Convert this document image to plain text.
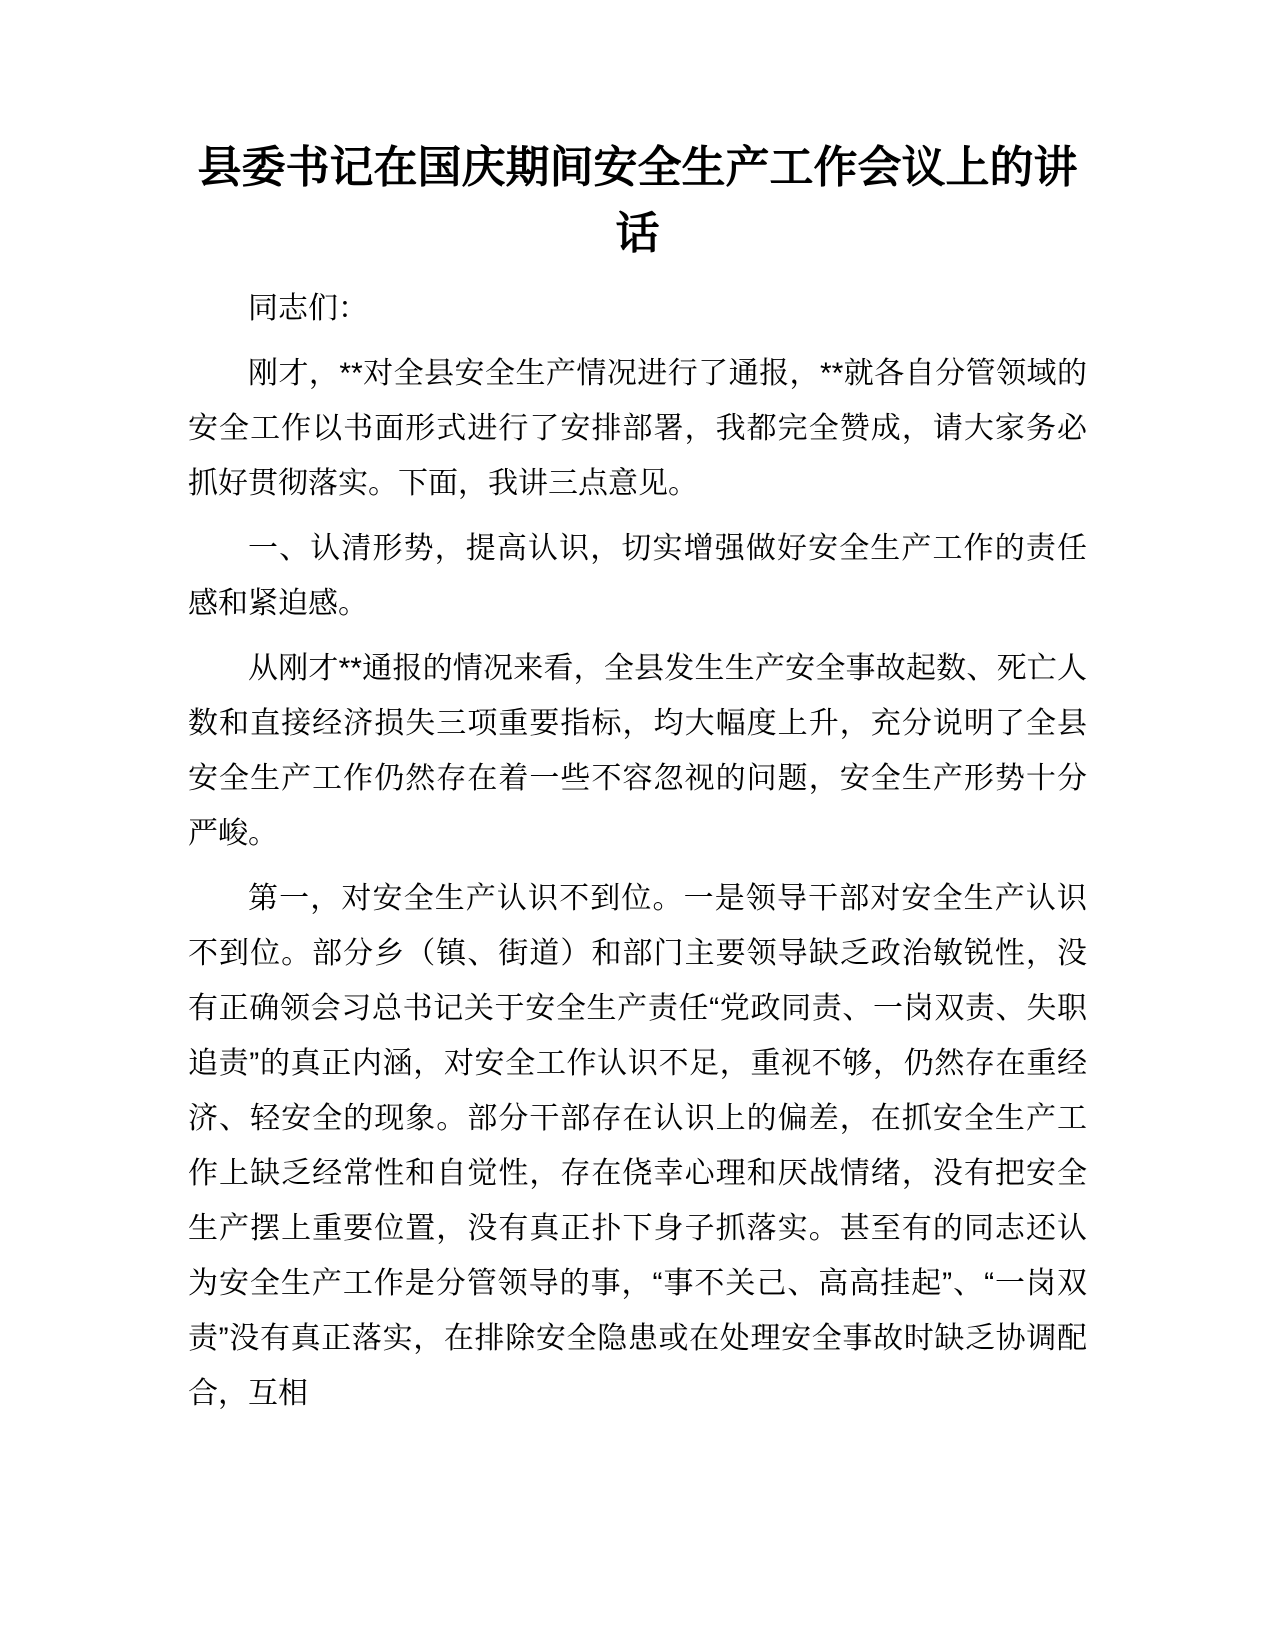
县委书记在国庆期间安全生产工作会议上的讲话

同志们：

刚才，**对全县安全生产情况进行了通报，**就各自分管领域的安全工作以书面形式进行了安排部署，我都完全赞成，请大家务必抓好贯彻落实。下面，我讲三点意见。

一、认清形势，提高认识，切实增强做好安全生产工作的责任感和紧迫感。

从刚才**通报的情况来看，全县发生生产安全事故起数、死亡人数和直接经济损失三项重要指标，均大幅度上升，充分说明了全县安全生产工作仍然存在着一些不容忽视的问题，安全生产形势十分严峻。

第一，对安全生产认识不到位。一是领导干部对安全生产认识不到位。部分乡（镇、街道）和部门主要领导缺乏政治敏锐性，没有正确领会习总书记关于安全生产责任“党政同责、一岗双责、失职追责”的真正内涵，对安全工作认识不足，重视不够，仍然存在重经济、轻安全的现象。部分干部存在认识上的偏差，在抓安全生产工作上缺乏经常性和自觉性，存在侥幸心理和厌战情绪，没有把安全生产摆上重要位置，没有真正扑下身子抓落实。甚至有的同志还认为安全生产工作是分管领导的事，“事不关己、高高挂起”、“一岗双责”没有真正落实，在排除安全隐患或在处理安全事故时缺乏协调配合，互相
